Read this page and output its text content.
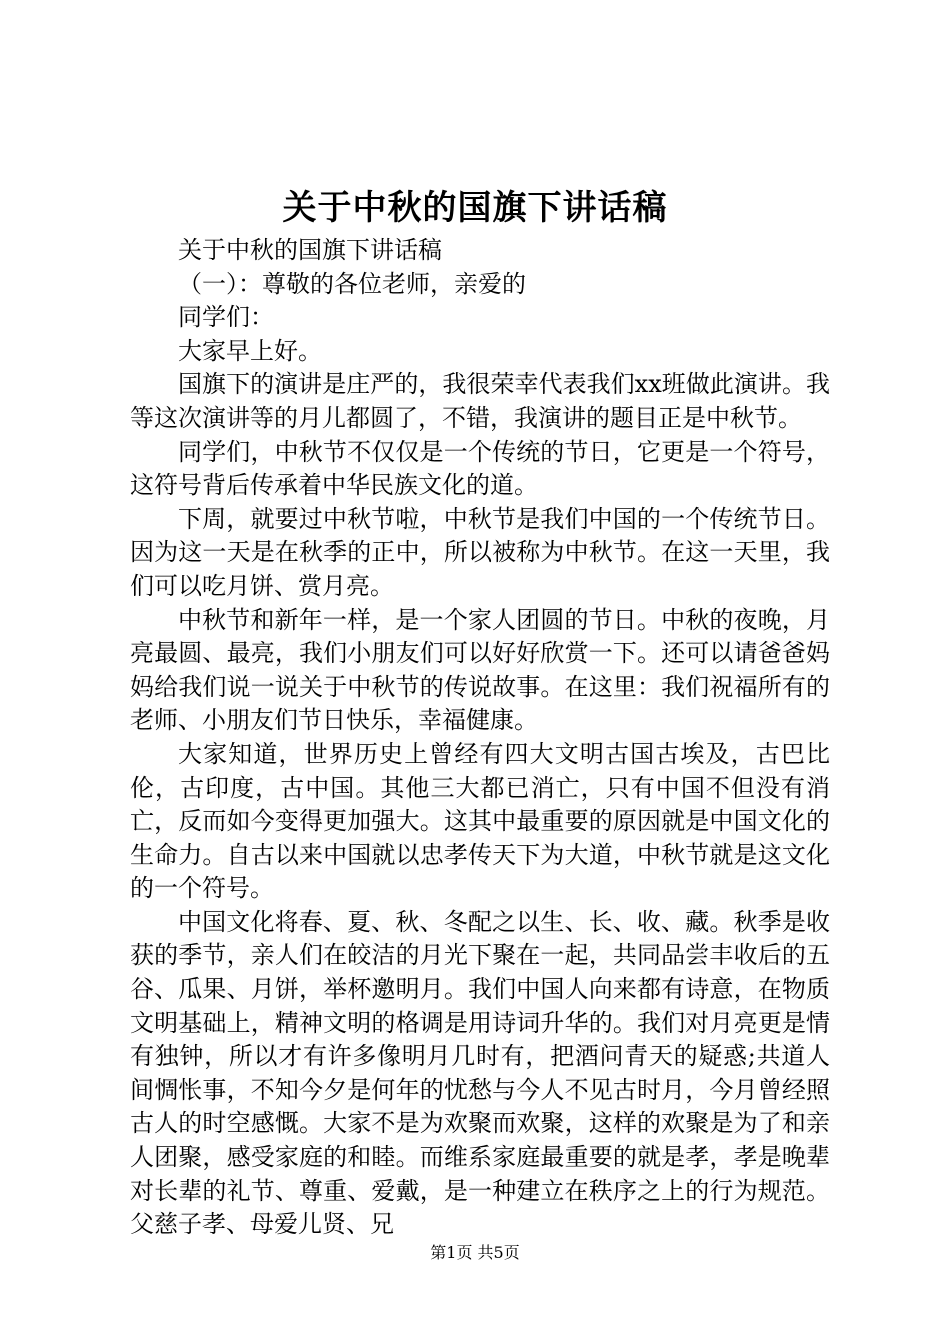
关于中秋的国旗下讲话稿

关于中秋的国旗下讲话稿

（一）：尊敬的各位老师，亲爱的

同学们：

大家早上好。

国旗下的演讲是庄严的，我很荣幸代表我们xx班做此演讲。我等这次演讲等的月儿都圆了，不错，我演讲的题目正是中秋节。

同学们，中秋节不仅仅是一个传统的节日，它更是一个符号，这符号背后传承着中华民族文化的道。

下周，就要过中秋节啦，中秋节是我们中国的一个传统节日。因为这一天是在秋季的正中，所以被称为中秋节。在这一天里，我们可以吃月饼、赏月亮。

中秋节和新年一样，是一个家人团圆的节日。中秋的夜晚，月亮最圆、最亮，我们小朋友们可以好好欣赏一下。还可以请爸爸妈妈给我们说一说关于中秋节的传说故事。在这里：我们祝福所有的老师、小朋友们节日快乐，幸福健康。

大家知道，世界历史上曾经有四大文明古国古埃及，古巴比伦，古印度，古中国。其他三大都已消亡，只有中国不但没有消亡，反而如今变得更加强大。这其中最重要的原因就是中国文化的生命力。自古以来中国就以忠孝传天下为大道，中秋节就是这文化的一个符号。

中国文化将春、夏、秋、冬配之以生、长、收、藏。秋季是收获的季节，亲人们在皎洁的月光下聚在一起，共同品尝丰收后的五谷、瓜果、月饼，举杯邀明月。我们中国人向来都有诗意，在物质文明基础上，精神文明的格调是用诗词升华的。我们对月亮更是情有独钟，所以才有许多像明月几时有，把酒问青天的疑惑;共道人间惆怅事，不知今夕是何年的忧愁与今人不见古时月，今月曾经照古人的时空感慨。大家不是为欢聚而欢聚，这样的欢聚是为了和亲人团聚，感受家庭的和睦。而维系家庭最重要的就是孝，孝是晚辈对长辈的礼节、尊重、爱戴，是一种建立在秩序之上的行为规范。父慈子孝、母爱儿贤、兄

第1页 共5页
